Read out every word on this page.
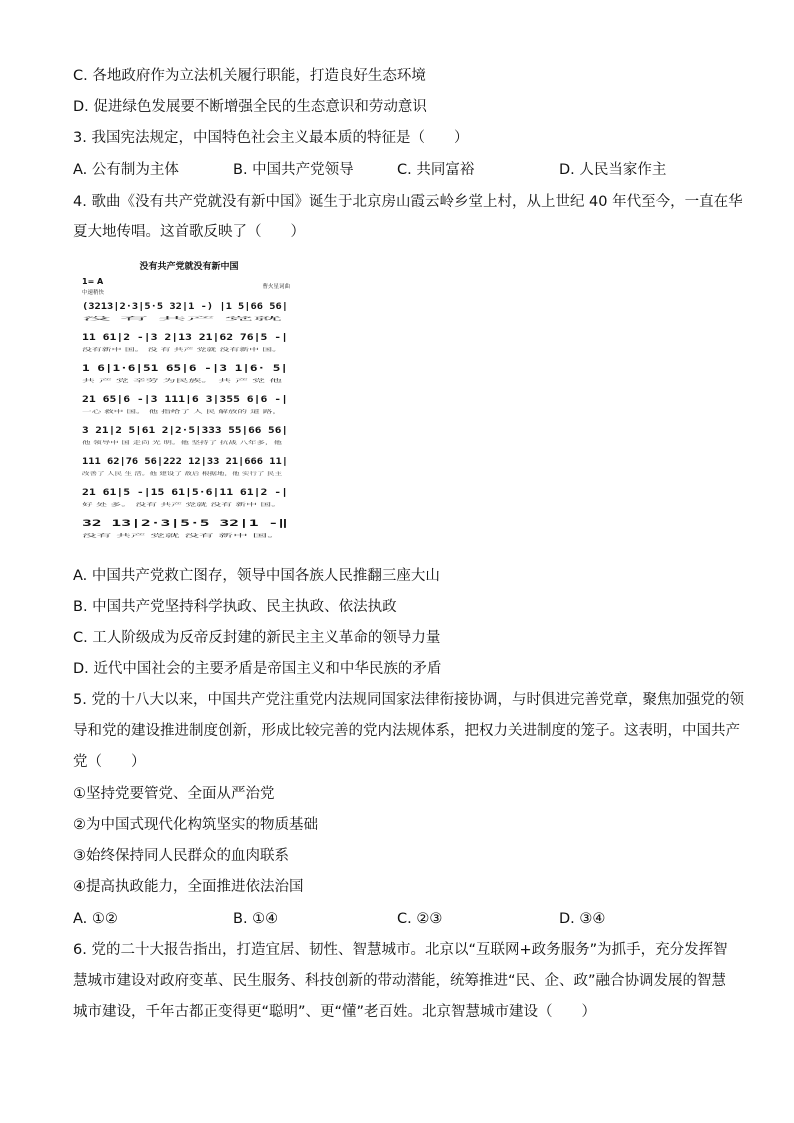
C. 各地政府作为立法机关履行职能，打造良好生态环境
D. 促进绿色发展要不断增强全民的生态意识和劳动意识
3. 我国宪法规定，中国特色社会主义最本质的特征是（　　）
A. 公有制为主体	B. 中国共产党领导	C. 共同富裕	D. 人民当家作主
4. 歌曲《没有共产党就没有新中国》诞生于北京房山霞云岭乡堂上村，从上世纪 40 年代至今，一直在华
夏大地传唱。这首歌反映了（　　）
没有共产党就没有新中国
1= A
中速稍快
曹火星词曲
(3213|2·3|5·5 32|1 -) |1 5|66 56|
没 有 共产 党就
11 61|2 -|3 2|13 21|62 76|5 -|
没有新中 国。 没 有 共产 党就 没有新中 国。
1 6|1·6|51 65|6 -|3 1|6· 5|
共 产 党 辛劳 为民族。 共 产 党 他
21 65|6 -|3 111|6 3|355 6|6 -|
一心 救中 国。 他 指给了 人 民 解放的 道 路，
3 21|2 5|61 2|2·5|333 55|66 56|
他 领导中 国 走向 光 明。他 坚持了 抗战 八年多，他
111 62|76 56|222 12|33 21|666 11|
改善了 人民 生 活。他 建设了 敌后 根据地，他 实行了 民主
21 61|5 -|15 61|5·6|11 61|2 -|
好 处 多。 没有 共产 党就 没有 新中 国。
32 13|2·3|5·5 32|1 -‖
没有 共产 党就 没有 新中 国。
A. 中国共产党救亡图存，领导中国各族人民推翻三座大山
B. 中国共产党坚持科学执政、民主执政、依法执政
C. 工人阶级成为反帝反封建的新民主主义革命的领导力量
D. 近代中国社会的主要矛盾是帝国主义和中华民族的矛盾
5. 党的十八大以来，中国共产党注重党内法规同国家法律衔接协调，与时俱进完善党章，聚焦加强党的领
导和党的建设推进制度创新，形成比较完善的党内法规体系，把权力关进制度的笼子。这表明，中国共产
党（　　）
①坚持党要管党、全面从严治党
②为中国式现代化构筑坚实的物质基础
③始终保持同人民群众的血肉联系
④提高执政能力，全面推进依法治国
A. ①②	B. ①④	C. ②③	D. ③④
6. 党的二十大报告指出，打造宜居、韧性、智慧城市。北京以“互联网+政务服务”为抓手，充分发挥智
慧城市建设对政府变革、民生服务、科技创新的带动潜能，统筹推进“民、企、政”融合协调发展的智慧
城市建设，千年古都正变得更“聪明”、更“懂”老百姓。北京智慧城市建设（　　）
